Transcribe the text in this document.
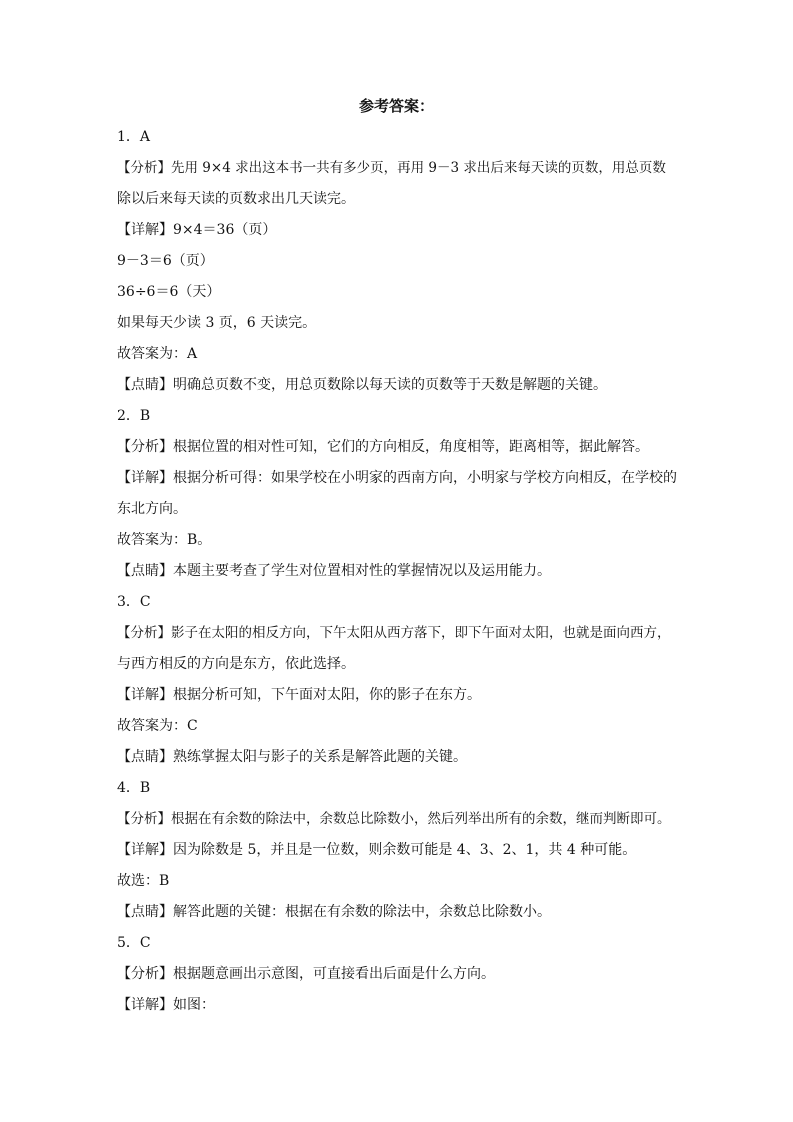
参考答案：
1．A
【分析】先用 9×4 求出这本书一共有多少页，再用 9－3 求出后来每天读的页数，用总页数
除以后来每天读的页数求出几天读完。
【详解】9×4＝36（页）
9－3＝6（页）
36÷6＝6（天）
如果每天少读 3 页，6 天读完。
故答案为：A
【点睛】明确总页数不变，用总页数除以每天读的页数等于天数是解题的关键。
2．B
【分析】根据位置的相对性可知，它们的方向相反，角度相等，距离相等，据此解答。
【详解】根据分析可得：如果学校在小明家的西南方向，小明家与学校方向相反，在学校的
东北方向。
故答案为：B。
【点睛】本题主要考查了学生对位置相对性的掌握情况以及运用能力。
3．C
【分析】影子在太阳的相反方向，下午太阳从西方落下，即下午面对太阳，也就是面向西方，
与西方相反的方向是东方，依此选择。
【详解】根据分析可知，下午面对太阳，你的影子在东方。
故答案为：C
【点睛】熟练掌握太阳与影子的关系是解答此题的关键。
4．B
【分析】根据在有余数的除法中，余数总比除数小，然后列举出所有的余数，继而判断即可。
【详解】因为除数是 5，并且是一位数，则余数可能是 4、3、2、1，共 4 种可能。
故选：B
【点睛】解答此题的关键：根据在有余数的除法中，余数总比除数小。
5．C
【分析】根据题意画出示意图，可直接看出后面是什么方向。
【详解】如图：
